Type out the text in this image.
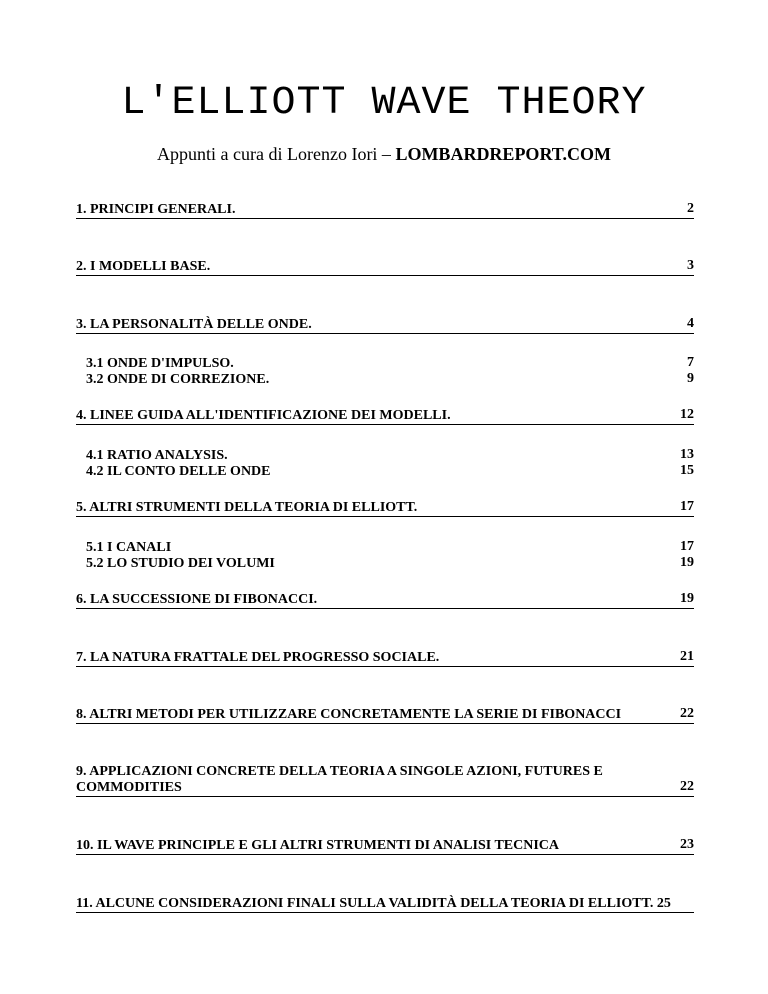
L'ELLIOTT WAVE THEORY
Appunti a cura di Lorenzo Iori – LOMBARDREPORT.COM
1. PRINCIPI GENERALI.	2
2. I MODELLI BASE.	3
3. LA PERSONALITÀ DELLE ONDE.	4
3.1 ONDE D'IMPULSO.	7
3.2 ONDE DI CORREZIONE.	9
4. LINEE GUIDA ALL'IDENTIFICAZIONE DEI MODELLI.	12
4.1 RATIO ANALYSIS.	13
4.2 IL CONTO DELLE ONDE	15
5. ALTRI STRUMENTI DELLA TEORIA DI ELLIOTT.	17
5.1 I CANALI	17
5.2 LO STUDIO DEI VOLUMI	19
6. LA SUCCESSIONE DI FIBONACCI.	19
7. LA NATURA FRATTALE DEL PROGRESSO SOCIALE.	21
8. ALTRI METODI PER UTILIZZARE CONCRETAMENTE LA SERIE DI FIBONACCI	22
9. APPLICAZIONI CONCRETE DELLA TEORIA A SINGOLE AZIONI, FUTURES E COMMODITIES	22
10. IL WAVE PRINCIPLE E GLI ALTRI STRUMENTI DI ANALISI TECNICA	23
11. ALCUNE CONSIDERAZIONI FINALI SULLA VALIDITÀ DELLA TEORIA DI ELLIOTT. 25
